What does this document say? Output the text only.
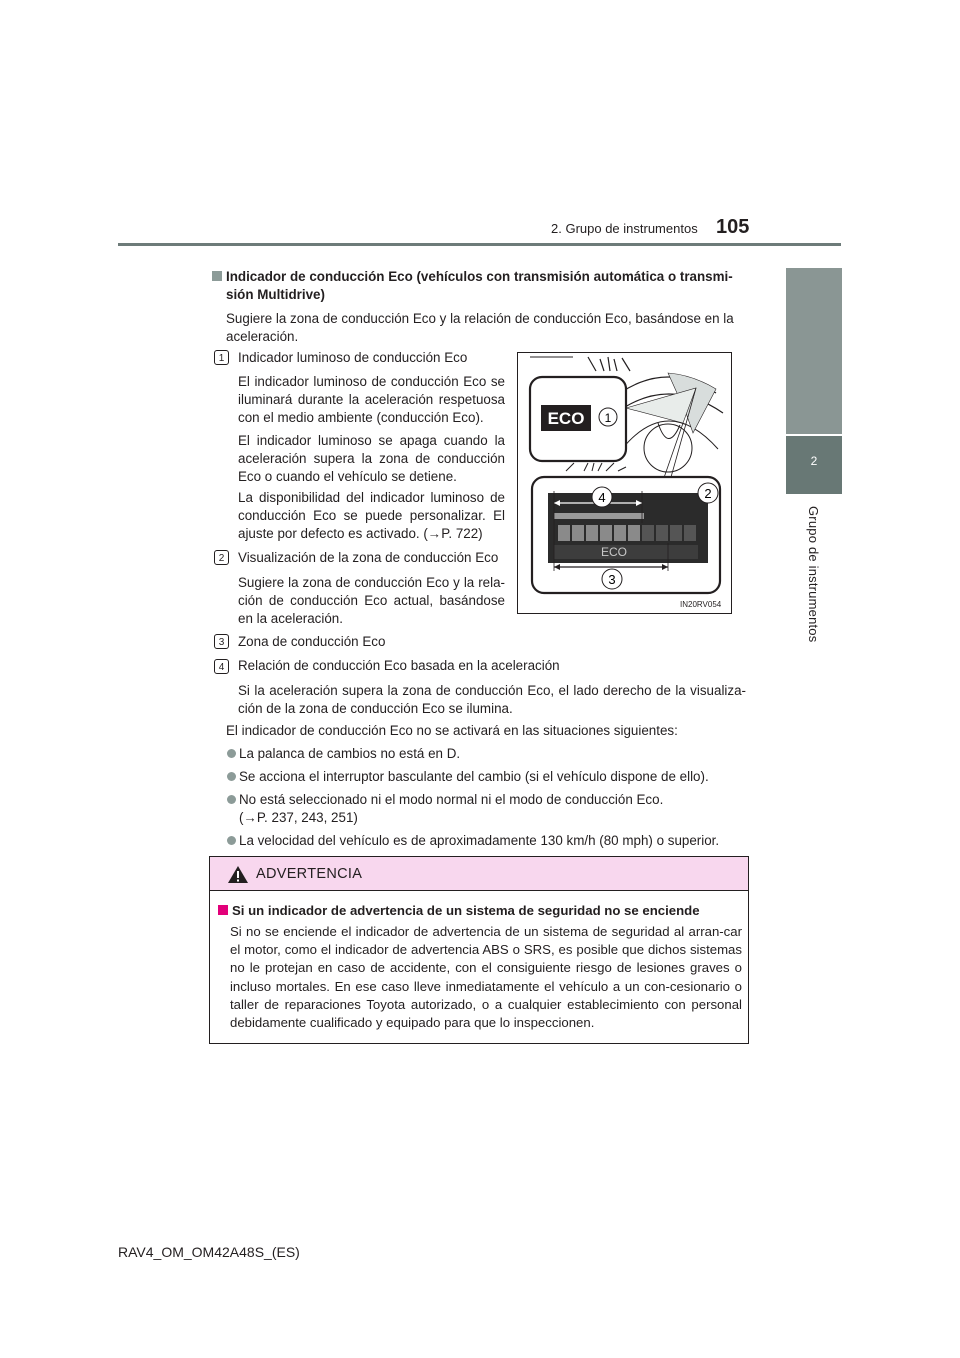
2. Grupo de instrumentos 105
2
Grupo de instrumentos
Indicador de conducción Eco (vehículos con transmisión automática o transmi-
sión Multidrive)
Sugiere la zona de conducción Eco y la relación de conducción Eco, basándose en la aceleración.
1	Indicador luminoso de conducción Eco
El indicador luminoso de conducción Eco se iluminará durante la aceleración respetuosa con el medio ambiente (conducción Eco).
El indicador luminoso se apaga cuando la aceleración supera la zona de conducción Eco o cuando el vehículo se detiene.
La disponibilidad del indicador luminoso de conducción Eco se puede personalizar. El ajuste por defecto es activado. (→P. 722)
2	Visualización de la zona de conducción Eco
Sugiere la zona de conducción Eco y la rela-ción de conducción Eco actual, basándose en la aceleración.
ECO 1
ECO
4	2
3
IN20RV054
3	Zona de conducción Eco
4	Relación de conducción Eco basada en la aceleración
Si la aceleración supera la zona de conducción Eco, el lado derecho de la visualiza-ción de la zona de conducción Eco se ilumina.
El indicador de conducción Eco no se activará en las situaciones siguientes:
La palanca de cambios no está en D.
Se acciona el interruptor basculante del cambio (si el vehículo dispone de ello).
No está seleccionado ni el modo normal ni el modo de conducción Eco.
(→P. 237, 243, 251)
La velocidad del vehículo es de aproximadamente 130 km/h (80 mph) o superior.
ADVERTENCIA
Si un indicador de advertencia de un sistema de seguridad no se enciende
Si no se enciende el indicador de advertencia de un sistema de seguridad al arran-car el motor, como el indicador de advertencia ABS o SRS, es posible que dichos sistemas no le protejan en caso de accidente, con el consiguiente riesgo de lesiones graves o incluso mortales. En ese caso lleve inmediatamente el vehículo a un con-cesionario o taller de reparaciones Toyota autorizado, o a cualquier establecimiento con personal debidamente cualificado y equipado para que lo inspeccionen.
RAV4_OM_OM42A48S_(ES)
